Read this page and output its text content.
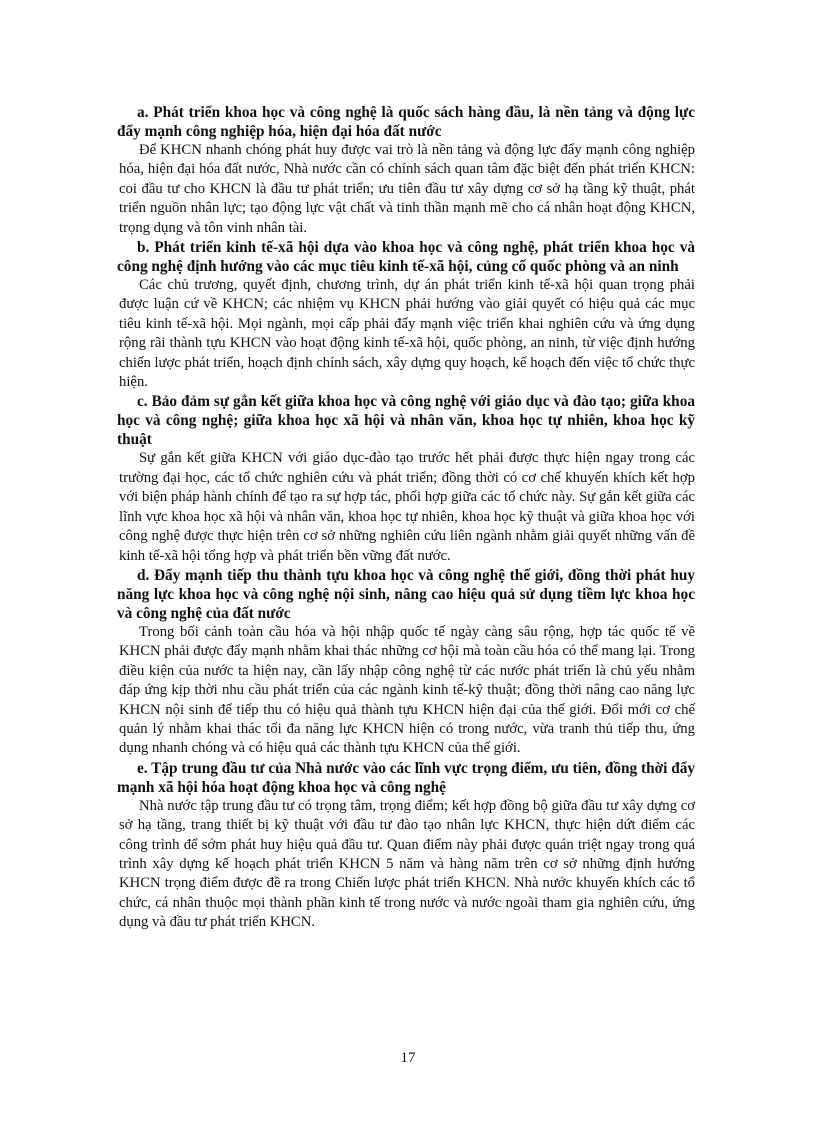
a. Phát triển khoa học và công nghệ là quốc sách hàng đầu, là nền tảng và động lực đẩy mạnh công nghiệp hóa, hiện đại hóa đất nước

Để KHCN nhanh chóng phát huy được vai trò là nền tảng và động lực đẩy mạnh công nghiệp hóa, hiện đại hóa đất nước, Nhà nước cần có chính sách quan tâm đặc biệt đến phát triển KHCN: coi đầu tư cho KHCN là đầu tư phát triển; ưu tiên đầu tư xây dựng cơ sở hạ tầng kỹ thuật, phát triển nguồn nhân lực; tạo động lực vật chất và tinh thần mạnh mẽ cho cá nhân hoạt động KHCN, trọng dụng và tôn vinh nhân tài.

b. Phát triển kinh tế-xã hội dựa vào khoa học và công nghệ, phát triển khoa học và công nghệ định hướng vào các mục tiêu kinh tế-xã hội, củng cố quốc phòng và an ninh

Các chủ trương, quyết định, chương trình, dự án phát triển kinh tế-xã hội quan trọng phải được luận cứ về KHCN; các nhiệm vụ KHCN phải hướng vào giải quyết có hiệu quả các mục tiêu kinh tế-xã hội. Mọi ngành, mọi cấp phải đẩy mạnh việc triển khai nghiên cứu và ứng dụng rộng rãi thành tựu KHCN vào hoạt động kinh tế-xã hội, quốc phòng, an ninh, từ việc định hướng chiến lược phát triển, hoạch định chính sách, xây dựng quy hoạch, kế hoạch đến việc tổ chức thực hiện.

c. Bảo đảm sự gắn kết giữa khoa học và công nghệ với giáo dục và đào tạo; giữa khoa học và công nghệ; giữa khoa học xã hội và nhân văn, khoa học tự nhiên, khoa học kỹ thuật

Sự gắn kết giữa KHCN với giáo dục-đào tạo trước hết phải được thực hiện ngay trong các trường đại học, các tổ chức nghiên cứu và phát triển; đồng thời có cơ chế khuyến khích kết hợp với biện pháp hành chính để tạo ra sự hợp tác, phối hợp giữa các tổ chức này. Sự gắn kết giữa các lĩnh vực khoa học xã hội và nhân văn, khoa học tự nhiên, khoa học kỹ thuật và giữa khoa học với công nghệ được thực hiện trên cơ sở những nghiên cứu liên ngành nhằm giải quyết những vấn đề kinh tế-xã hội tổng hợp và phát triển bền vững đất nước.

d. Đẩy mạnh tiếp thu thành tựu khoa học và công nghệ thế giới, đồng thời phát huy năng lực khoa học và công nghệ nội sinh, nâng cao hiệu quả sử dụng tiềm lực khoa học và công nghệ của đất nước

Trong bối cảnh toàn cầu hóa và hội nhập quốc tế ngày càng sâu rộng, hợp tác quốc tế về KHCN phải được đẩy mạnh nhằm khai thác những cơ hội mà toàn cầu hóa có thể mang lại. Trong điều kiện của nước ta hiện nay, cần lấy nhập công nghệ từ các nước phát triển là chủ yếu nhằm đáp ứng kịp thời nhu cầu phát triển của các ngành kinh tế-kỹ thuật; đồng thời nâng cao năng lực KHCN nội sinh để tiếp thu có hiệu quả thành tựu KHCN hiện đại của thế giới. Đổi mới cơ chế quản lý nhằm khai thác tối đa năng lực KHCN hiện có trong nước, vừa tranh thủ tiếp thu, ứng dụng nhanh chóng và có hiệu quả các thành tựu KHCN của thế giới.

e. Tập trung đầu tư của Nhà nước vào các lĩnh vực trọng điểm, ưu tiên, đồng thời đẩy mạnh xã hội hóa hoạt động khoa học và công nghệ

Nhà nước tập trung đầu tư có trọng tâm, trọng điểm; kết hợp đồng bộ giữa đầu tư xây dựng cơ sở hạ tầng, trang thiết bị kỹ thuật với đầu tư đào tạo nhân lực KHCN, thực hiện dứt điểm các công trình để sớm phát huy hiệu quả đầu tư. Quan điểm này phải được quán triệt ngay trong quá trình xây dựng kế hoạch phát triển KHCN 5 năm và hàng năm trên cơ sở những định hướng KHCN trọng điểm được đề ra trong Chiến lược phát triển KHCN. Nhà nước khuyến khích các tổ chức, cá nhân thuộc mọi thành phần kinh tế trong nước và nước ngoài tham gia nghiên cứu, ứng dụng và đầu tư phát triển KHCN.

17
